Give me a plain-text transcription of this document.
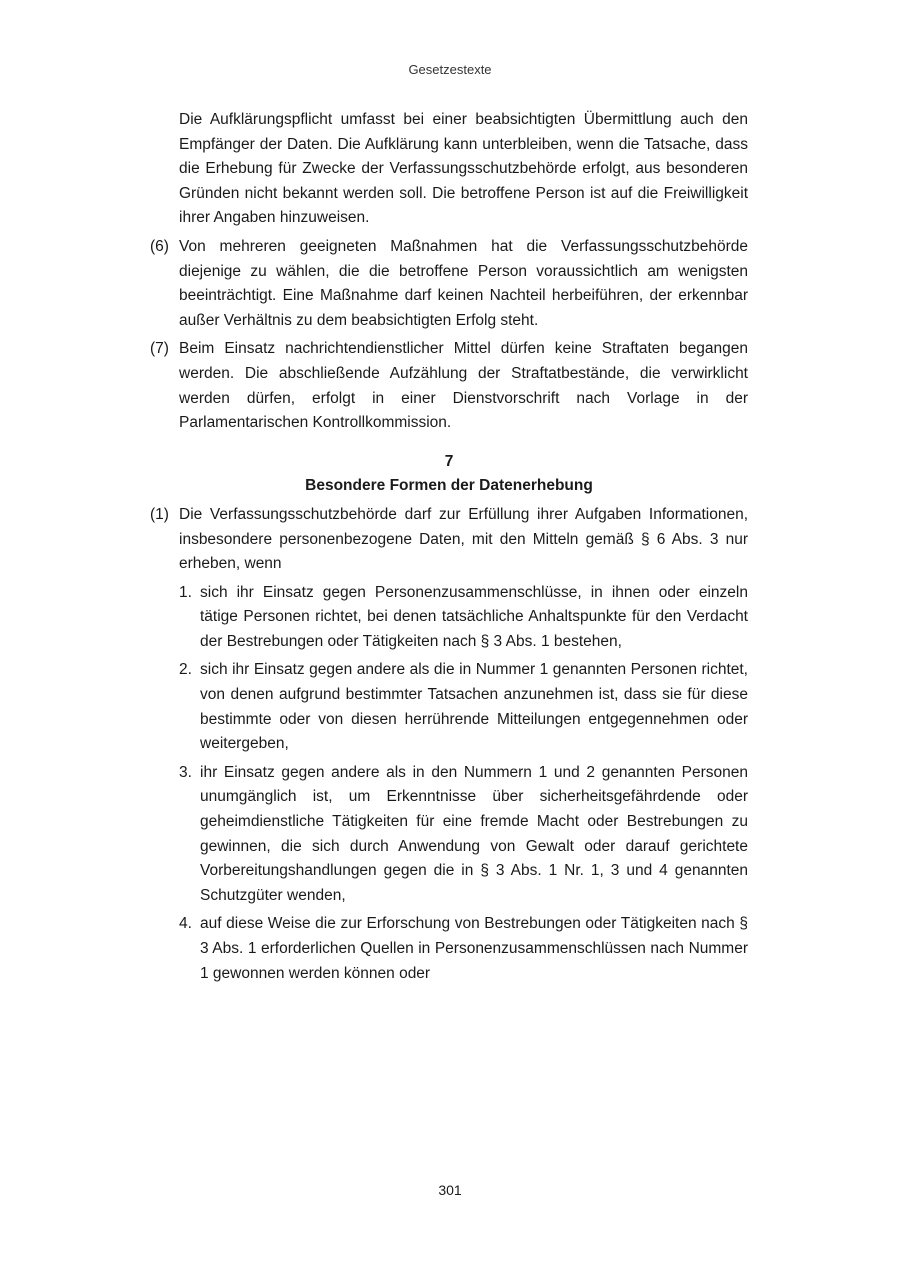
Gesetzestexte

Die Aufklärungspflicht umfasst bei einer beabsichtigten Übermittlung auch den Empfänger der Daten. Die Aufklärung kann unterbleiben, wenn die Tatsache, dass die Erhebung für Zwecke der Verfassungsschutzbehörde erfolgt, aus besonderen Gründen nicht bekannt werden soll. Die betroffene Person ist auf die Freiwilligkeit ihrer Angaben hinzuweisen.

(6) Von mehreren geeigneten Maßnahmen hat die Verfassungsschutzbehörde diejenige zu wählen, die die betroffene Person voraussichtlich am wenigsten beeinträchtigt. Eine Maßnahme darf keinen Nachteil herbeiführen, der erkennbar außer Verhältnis zu dem beabsichtigten Erfolg steht.
(7) Beim Einsatz nachrichtendienstlicher Mittel dürfen keine Straftaten begangen werden. Die abschließende Aufzählung der Straftatbestände, die verwirklicht werden dürfen, erfolgt in einer Dienstvorschrift nach Vorlage in der Parlamentarischen Kontrollkommission.
7
Besondere Formen der Datenerhebung
(1) Die Verfassungsschutzbehörde darf zur Erfüllung ihrer Aufgaben Informationen, insbesondere personenbezogene Daten, mit den Mitteln gemäß § 6 Abs. 3 nur erheben, wenn
1. sich ihr Einsatz gegen Personenzusammenschlüsse, in ihnen oder einzeln tätige Personen richtet, bei denen tatsächliche Anhaltspunkte für den Verdacht der Bestrebungen oder Tätigkeiten nach § 3 Abs. 1 bestehen,
2. sich ihr Einsatz gegen andere als die in Nummer 1 genannten Personen richtet, von denen aufgrund bestimmter Tatsachen anzunehmen ist, dass sie für diese bestimmte oder von diesen herrührende Mitteilungen entgegennehmen oder weitergeben,
3. ihr Einsatz gegen andere als in den Nummern 1 und 2 genannten Personen unumgänglich ist, um Erkenntnisse über sicherheitsgefährdende oder geheimdienstliche Tätigkeiten für eine fremde Macht oder Bestrebungen zu gewinnen, die sich durch Anwendung von Gewalt oder darauf gerichtete Vorbereitungshandlungen gegen die in § 3 Abs. 1 Nr. 1, 3 und 4 genannten Schutzgüter wenden,
4. auf diese Weise die zur Erforschung von Bestrebungen oder Tätigkeiten nach § 3 Abs. 1 erforderlichen Quellen in Personenzusammenschlüssen nach Nummer 1 gewonnen werden können oder
301
